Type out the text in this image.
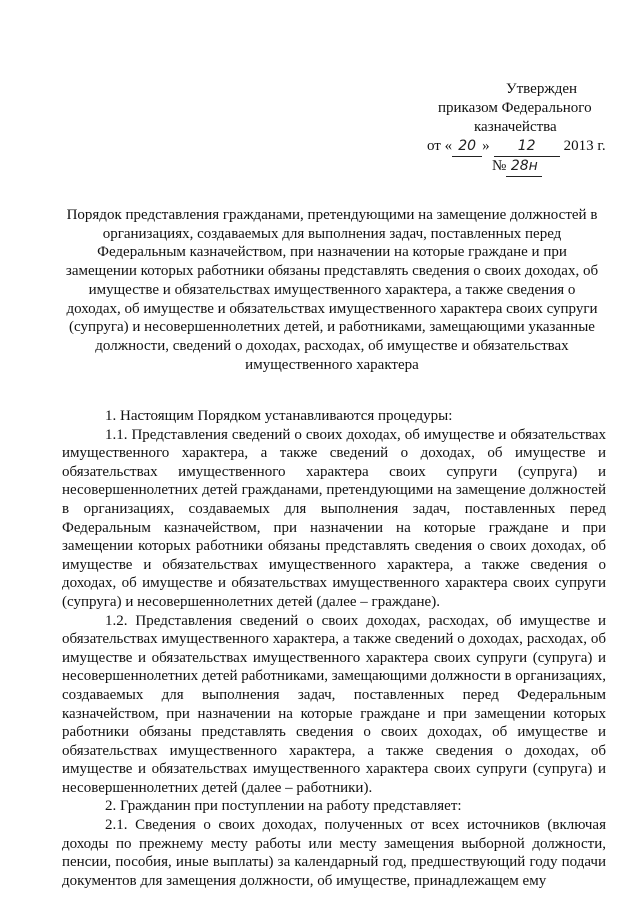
Утвержден
приказом Федерального
казначейства
от « 20 » 12 2013 г.
№ 28н
Порядок представления гражданами, претендующими на замещение должностей в организациях, создаваемых для выполнения задач, поставленных перед Федеральным казначейством, при назначении на которые граждане и при замещении которых работники обязаны представлять сведения о своих доходах, об имуществе и обязательствах имущественного характера, а также сведения о доходах, об имуществе и обязательствах имущественного характера своих супруги (супруга) и несовершеннолетних детей, и работниками, замещающими указанные должности, сведений о доходах, расходах, об имуществе и обязательствах имущественного характера

1. Настоящим Порядком устанавливаются процедуры:

1.1. Представления сведений о своих доходах, об имуществе и обязательствах имущественного характера, а также сведений о доходах, об имуществе и обязательствах имущественного характера своих супруги (супруга) и несовершеннолетних детей гражданами, претендующими на замещение должностей в организациях, создаваемых для выполнения задач, поставленных перед Федеральным казначейством, при назначении на которые граждане и при замещении которых работники обязаны представлять сведения о своих доходах, об имуществе и обязательствах имущественного характера, а также сведения о доходах, об имуществе и обязательствах имущественного характера своих супруги (супруга) и несовершеннолетних детей (далее – граждане).

1.2. Представления сведений о своих доходах, расходах, об имуществе и обязательствах имущественного характера, а также сведений о доходах, расходах, об имуществе и обязательствах имущественного характера своих супруги (супруга) и несовершеннолетних детей работниками, замещающими должности в организациях, создаваемых для выполнения задач, поставленных перед Федеральным казначейством, при назначении на которые граждане и при замещении которых работники обязаны представлять сведения о своих доходах, об имуществе и обязательствах имущественного характера, а также сведения о доходах, об имуществе и обязательствах имущественного характера своих супруги (супруга) и несовершеннолетних детей (далее – работники).

2. Гражданин при поступлении на работу представляет:

2.1. Сведения о своих доходах, полученных от всех источников (включая доходы по прежнему месту работы или месту замещения выборной должности, пенсии, пособия, иные выплаты) за календарный год, предшествующий году подачи документов для замещения должности, об имуществе, принадлежащем ему
